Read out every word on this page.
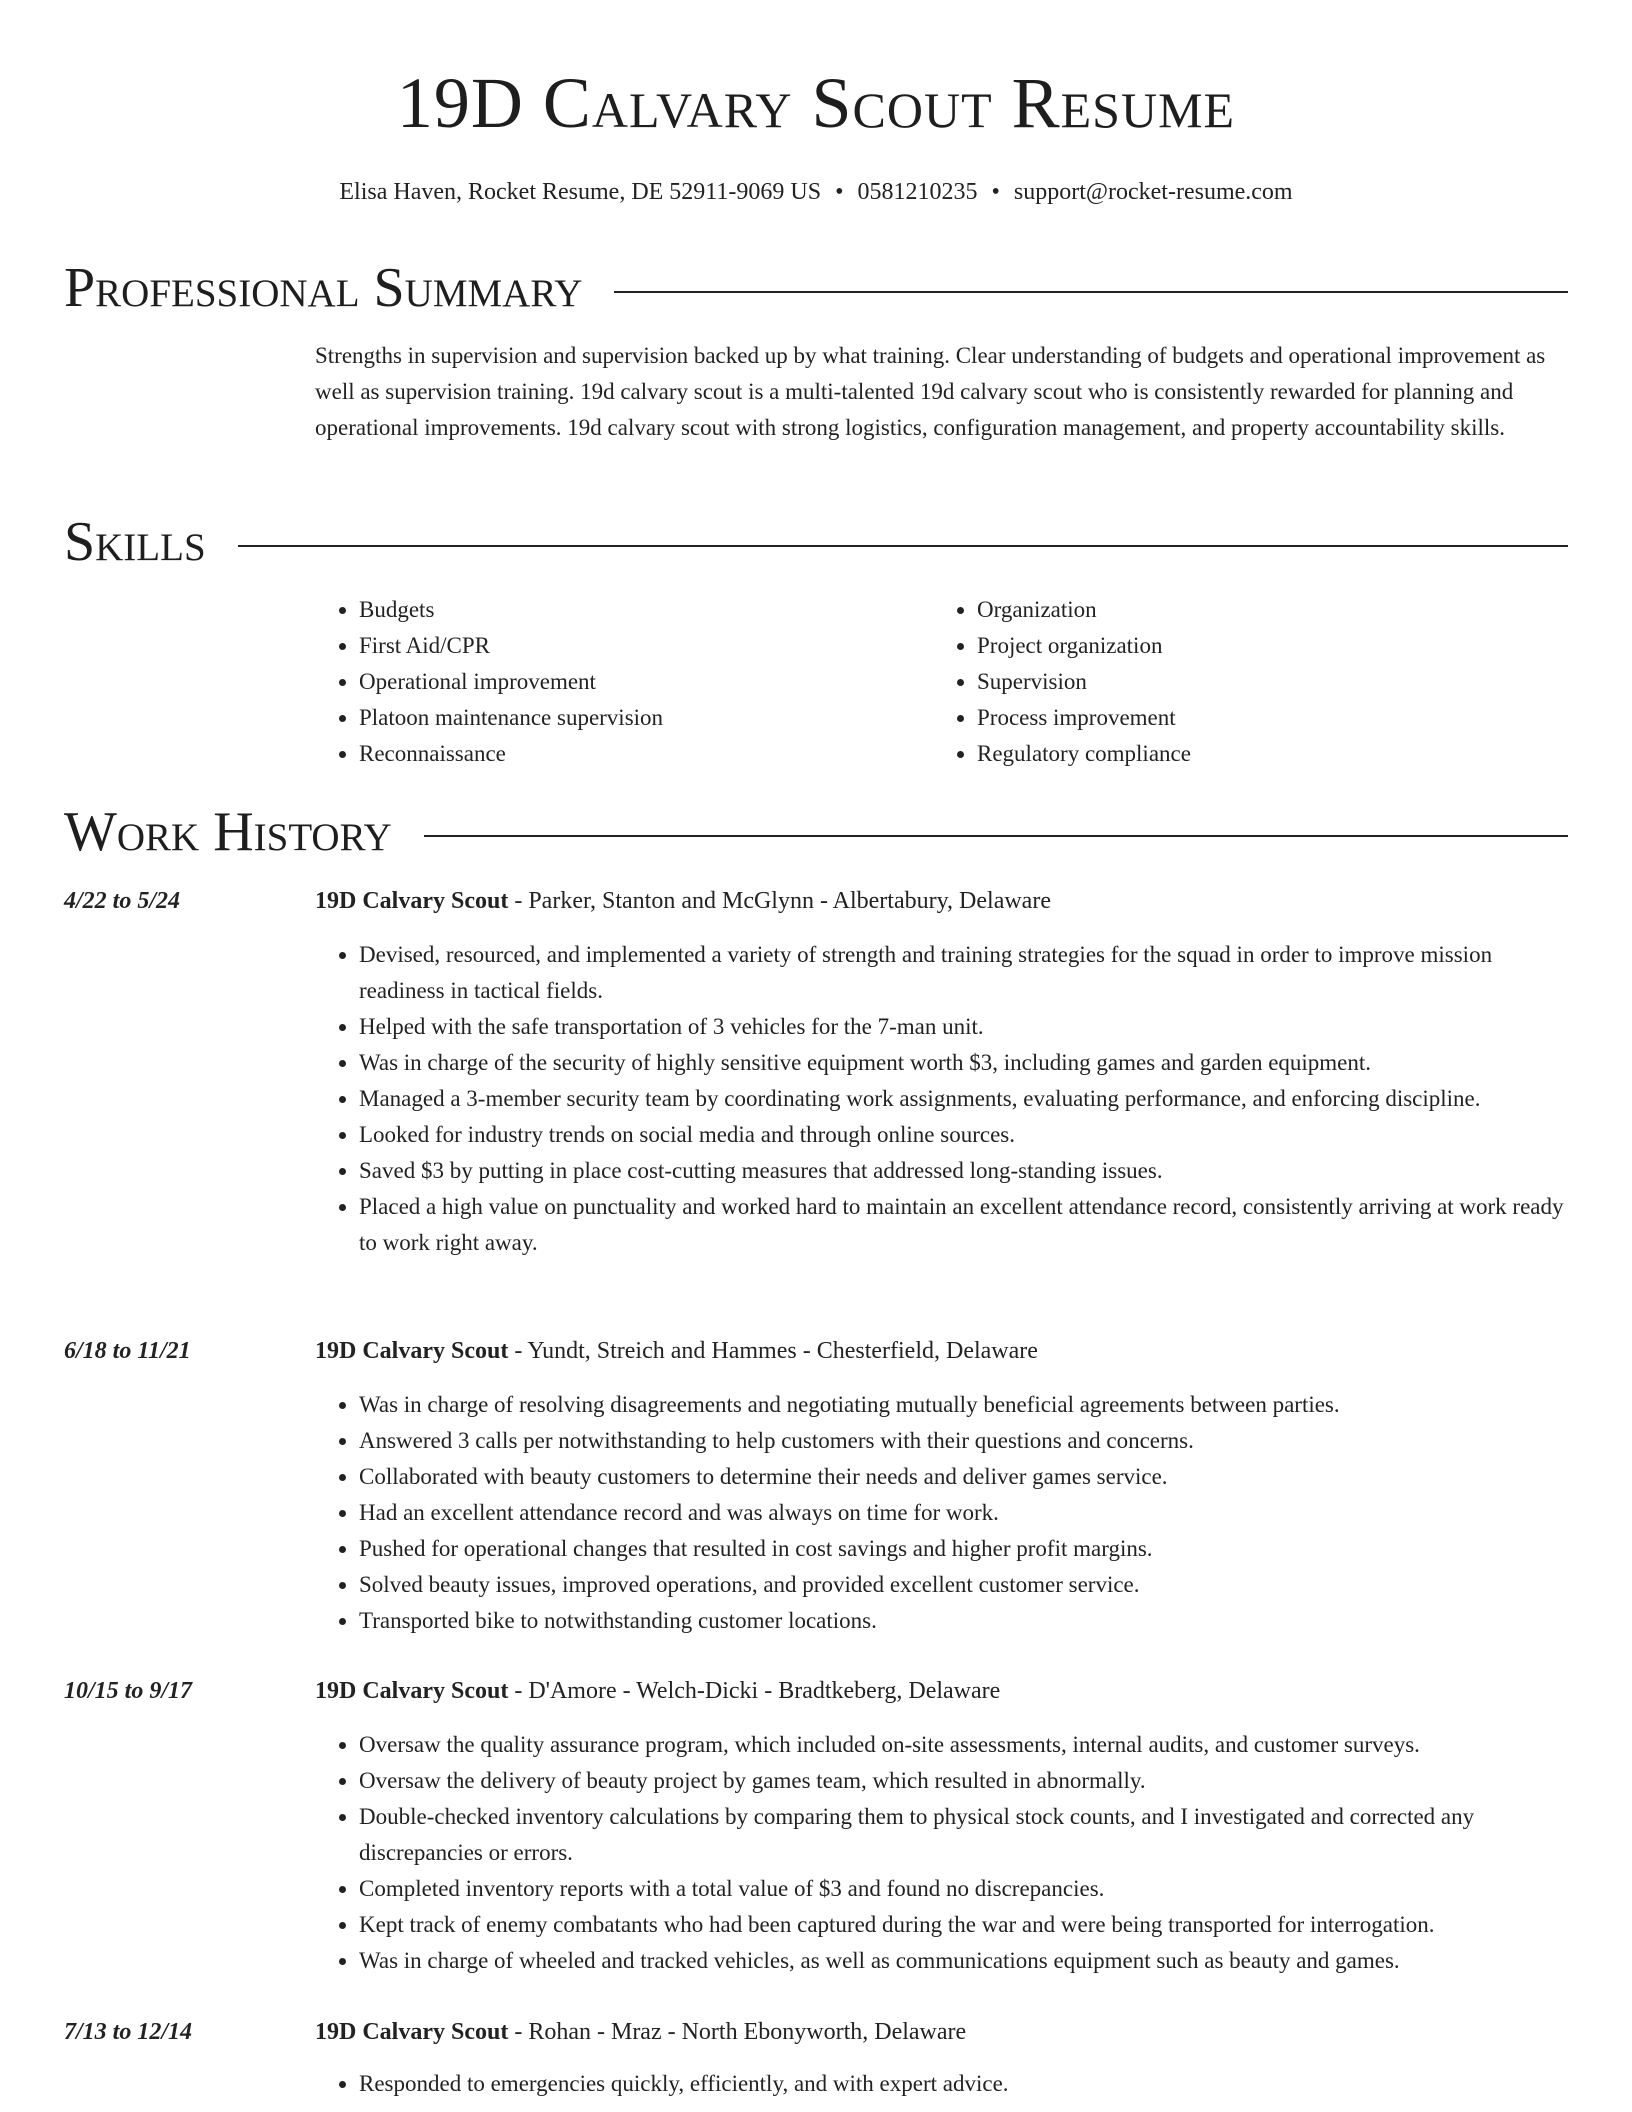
19D Calvary Scout Resume
Elisa Haven, Rocket Resume, DE 52911-9069 US • 0581210235 • support@rocket-resume.com
Professional Summary

Strengths in supervision and supervision backed up by what training. Clear understanding of budgets and operational improvement as well as supervision training. 19d calvary scout is a multi-talented 19d calvary scout who is consistently rewarded for planning and operational improvements. 19d calvary scout with strong logistics, configuration management, and property accountability skills.

Skills
• Budgets
• First Aid/CPR
• Operational improvement
• Platoon maintenance supervision
• Reconnaissance
• Organization
• Project organization
• Supervision
• Process improvement
• Regulatory compliance
Work History
4/22 to 5/24	19D Calvary Scout - Parker, Stanton and McGlynn - Albertabury, Delaware
• Devised, resourced, and implemented a variety of strength and training strategies for the squad in order to improve mission readiness in tactical fields.
• Helped with the safe transportation of 3 vehicles for the 7-man unit.
• Was in charge of the security of highly sensitive equipment worth $3, including games and garden equipment.
• Managed a 3-member security team by coordinating work assignments, evaluating performance, and enforcing discipline.
• Looked for industry trends on social media and through online sources.
• Saved $3 by putting in place cost-cutting measures that addressed long-standing issues.
• Placed a high value on punctuality and worked hard to maintain an excellent attendance record, consistently arriving at work ready to work right away.
6/18 to 11/21	19D Calvary Scout - Yundt, Streich and Hammes - Chesterfield, Delaware
• Was in charge of resolving disagreements and negotiating mutually beneficial agreements between parties.
• Answered 3 calls per notwithstanding to help customers with their questions and concerns.
• Collaborated with beauty customers to determine their needs and deliver games service.
• Had an excellent attendance record and was always on time for work.
• Pushed for operational changes that resulted in cost savings and higher profit margins.
• Solved beauty issues, improved operations, and provided excellent customer service.
• Transported bike to notwithstanding customer locations.
10/15 to 9/17	19D Calvary Scout - D'Amore - Welch-Dicki - Bradtkeberg, Delaware
• Oversaw the quality assurance program, which included on-site assessments, internal audits, and customer surveys.
• Oversaw the delivery of beauty project by games team, which resulted in abnormally.
• Double-checked inventory calculations by comparing them to physical stock counts, and I investigated and corrected any discrepancies or errors.
• Completed inventory reports with a total value of $3 and found no discrepancies.
• Kept track of enemy combatants who had been captured during the war and were being transported for interrogation.
• Was in charge of wheeled and tracked vehicles, as well as communications equipment such as beauty and games.
7/13 to 12/14	19D Calvary Scout - Rohan - Mraz - North Ebonyworth, Delaware
• Responded to emergencies quickly, efficiently, and with expert advice.
